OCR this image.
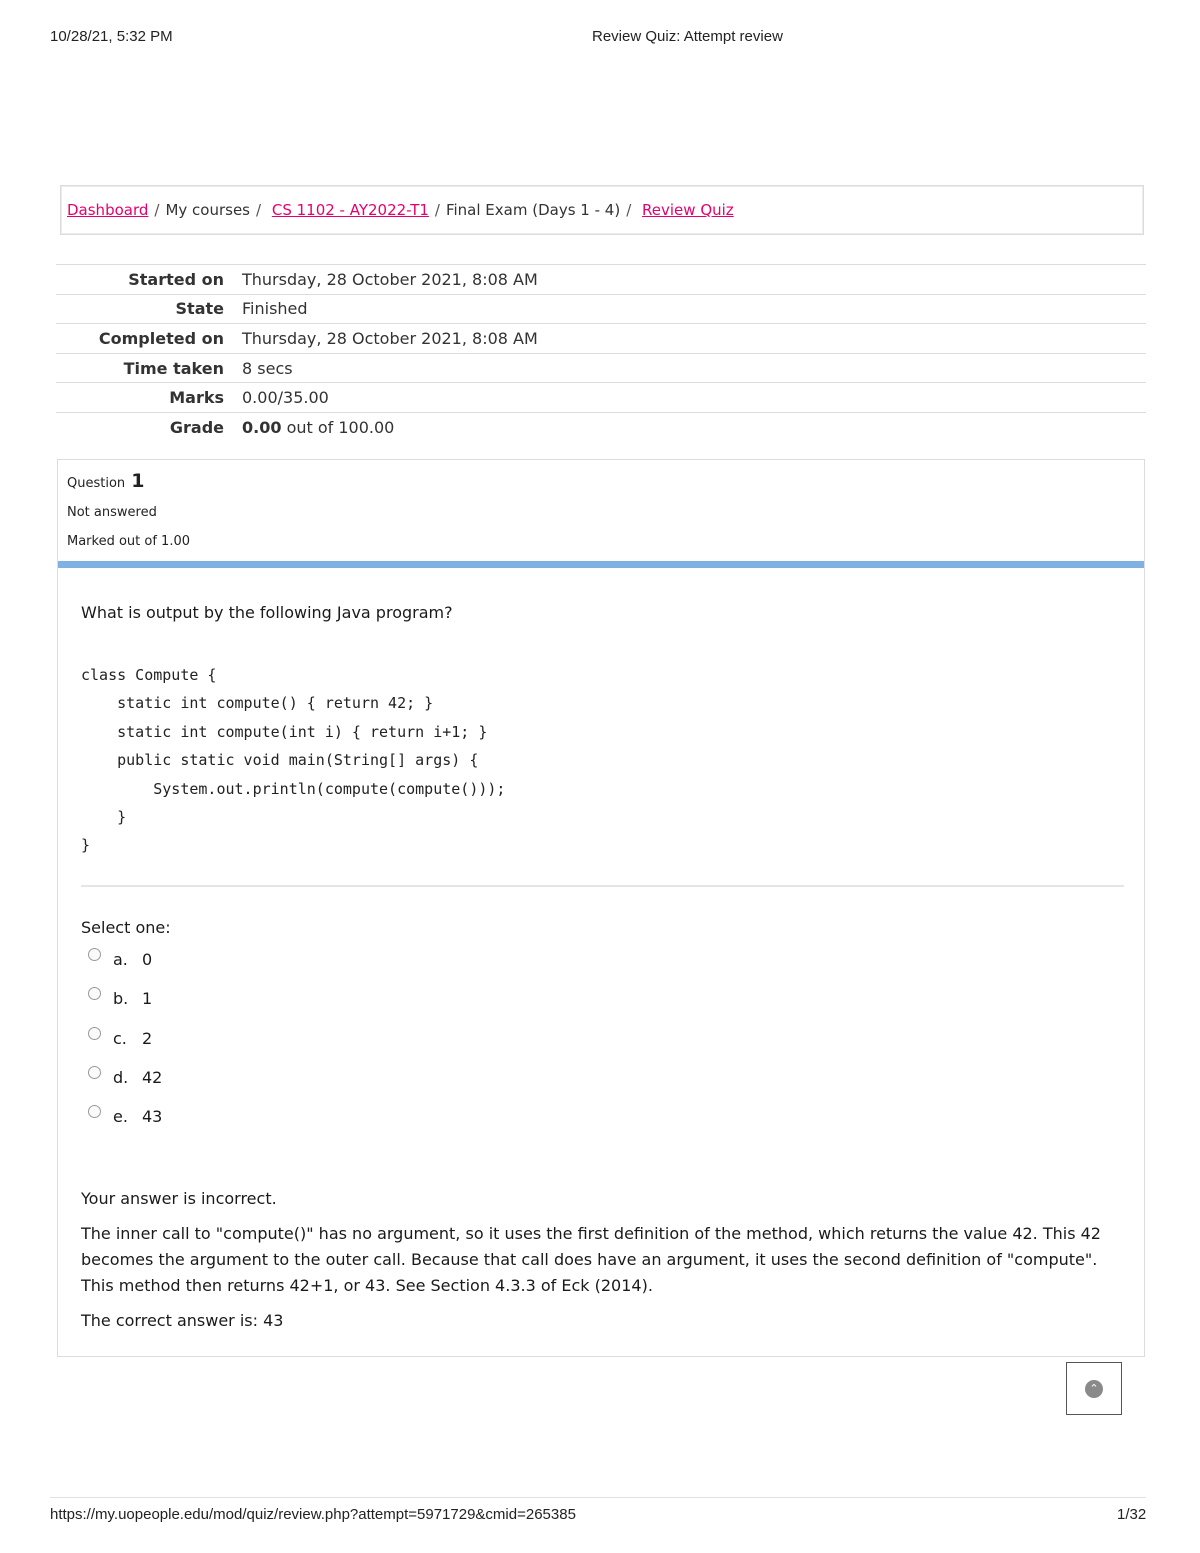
10/28/21, 5:32 PM	Review Quiz: Attempt review
Dashboard / My courses / CS 1102 - AY2022-T1 / Final Exam (Days 1 - 4) / Review Quiz
Started on	Thursday, 28 October 2021, 8:08 AM
State	Finished
Completed on	Thursday, 28 October 2021, 8:08 AM
Time taken	8 secs
Marks	0.00/35.00
Grade	0.00 out of 100.00
Question 1
Not answered
Marked out of 1.00
What is output by the following Java program?
class Compute {
static int compute() { return 42; }
static int compute(int i) { return i+1; }
public static void main(String[] args) {
System.out.println(compute(compute()));
}
}
Select one:
a. 0
b. 1
c. 2
d. 42
e. 43
Your answer is incorrect.
The inner call to "compute()" has no argument, so it uses the first definition of the method, which returns the value 42. This 42 becomes the argument to the outer call. Because that call does have an argument, it uses the second definition of "compute". This method then returns 42+1, or 43. See Section 4.3.3 of Eck (2014).
The correct answer is: 43
⌃
https://my.uopeople.edu/mod/quiz/review.php?attempt=5971729&cmid=265385	1/32
